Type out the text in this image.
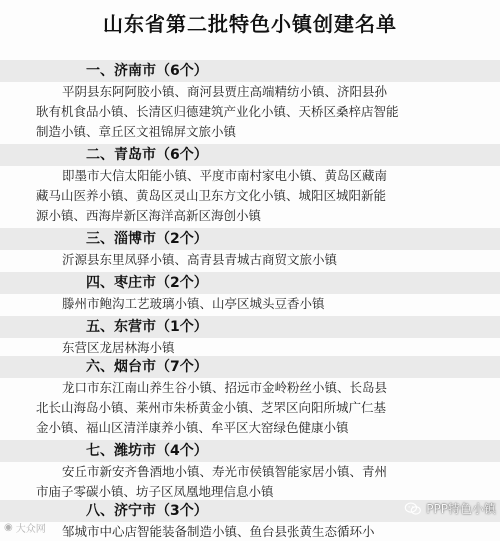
山东省第二批特色小镇创建名单
一、济南市（6个）
平阴县东阿阿胶小镇、商河县贾庄高端精纺小镇、济阳县孙
耿有机食品小镇、长清区归德建筑产业化小镇、天桥区桑梓店智能
制造小镇、章丘区文祖锦屏文旅小镇
二、青岛市（6个）
即墨市大信太阳能小镇、平度市南村家电小镇、黄岛区藏南
藏马山医养小镇、黄岛区灵山卫东方文化小镇、城阳区城阳新能
源小镇、西海岸新区海洋高新区海创小镇
三、淄博市（2个）
沂源县东里凤驿小镇、高青县青城古商贸文旅小镇
四、枣庄市（2个）
滕州市鲍沟工艺玻璃小镇、山亭区城头豆香小镇
五、东营市（1个）
东营区龙居林海小镇
六、烟台市（7个）
龙口市东江南山养生谷小镇、招远市金岭粉丝小镇、长岛县
北长山海岛小镇、莱州市朱桥黄金小镇、芝罘区向阳所城广仁基
金小镇、福山区清洋康养小镇、牟平区大窑绿色健康小镇
七、潍坊市（4个）
安丘市新安齐鲁酒地小镇、寿光市侯镇智能家居小镇、青州
市庙子零碳小镇、坊子区凤凰地理信息小镇
八、济宁市（3个）
邹城市中心店智能装备制造小镇、鱼台县张黄生态循环小
◉ 大众网
PPP特色小镇
